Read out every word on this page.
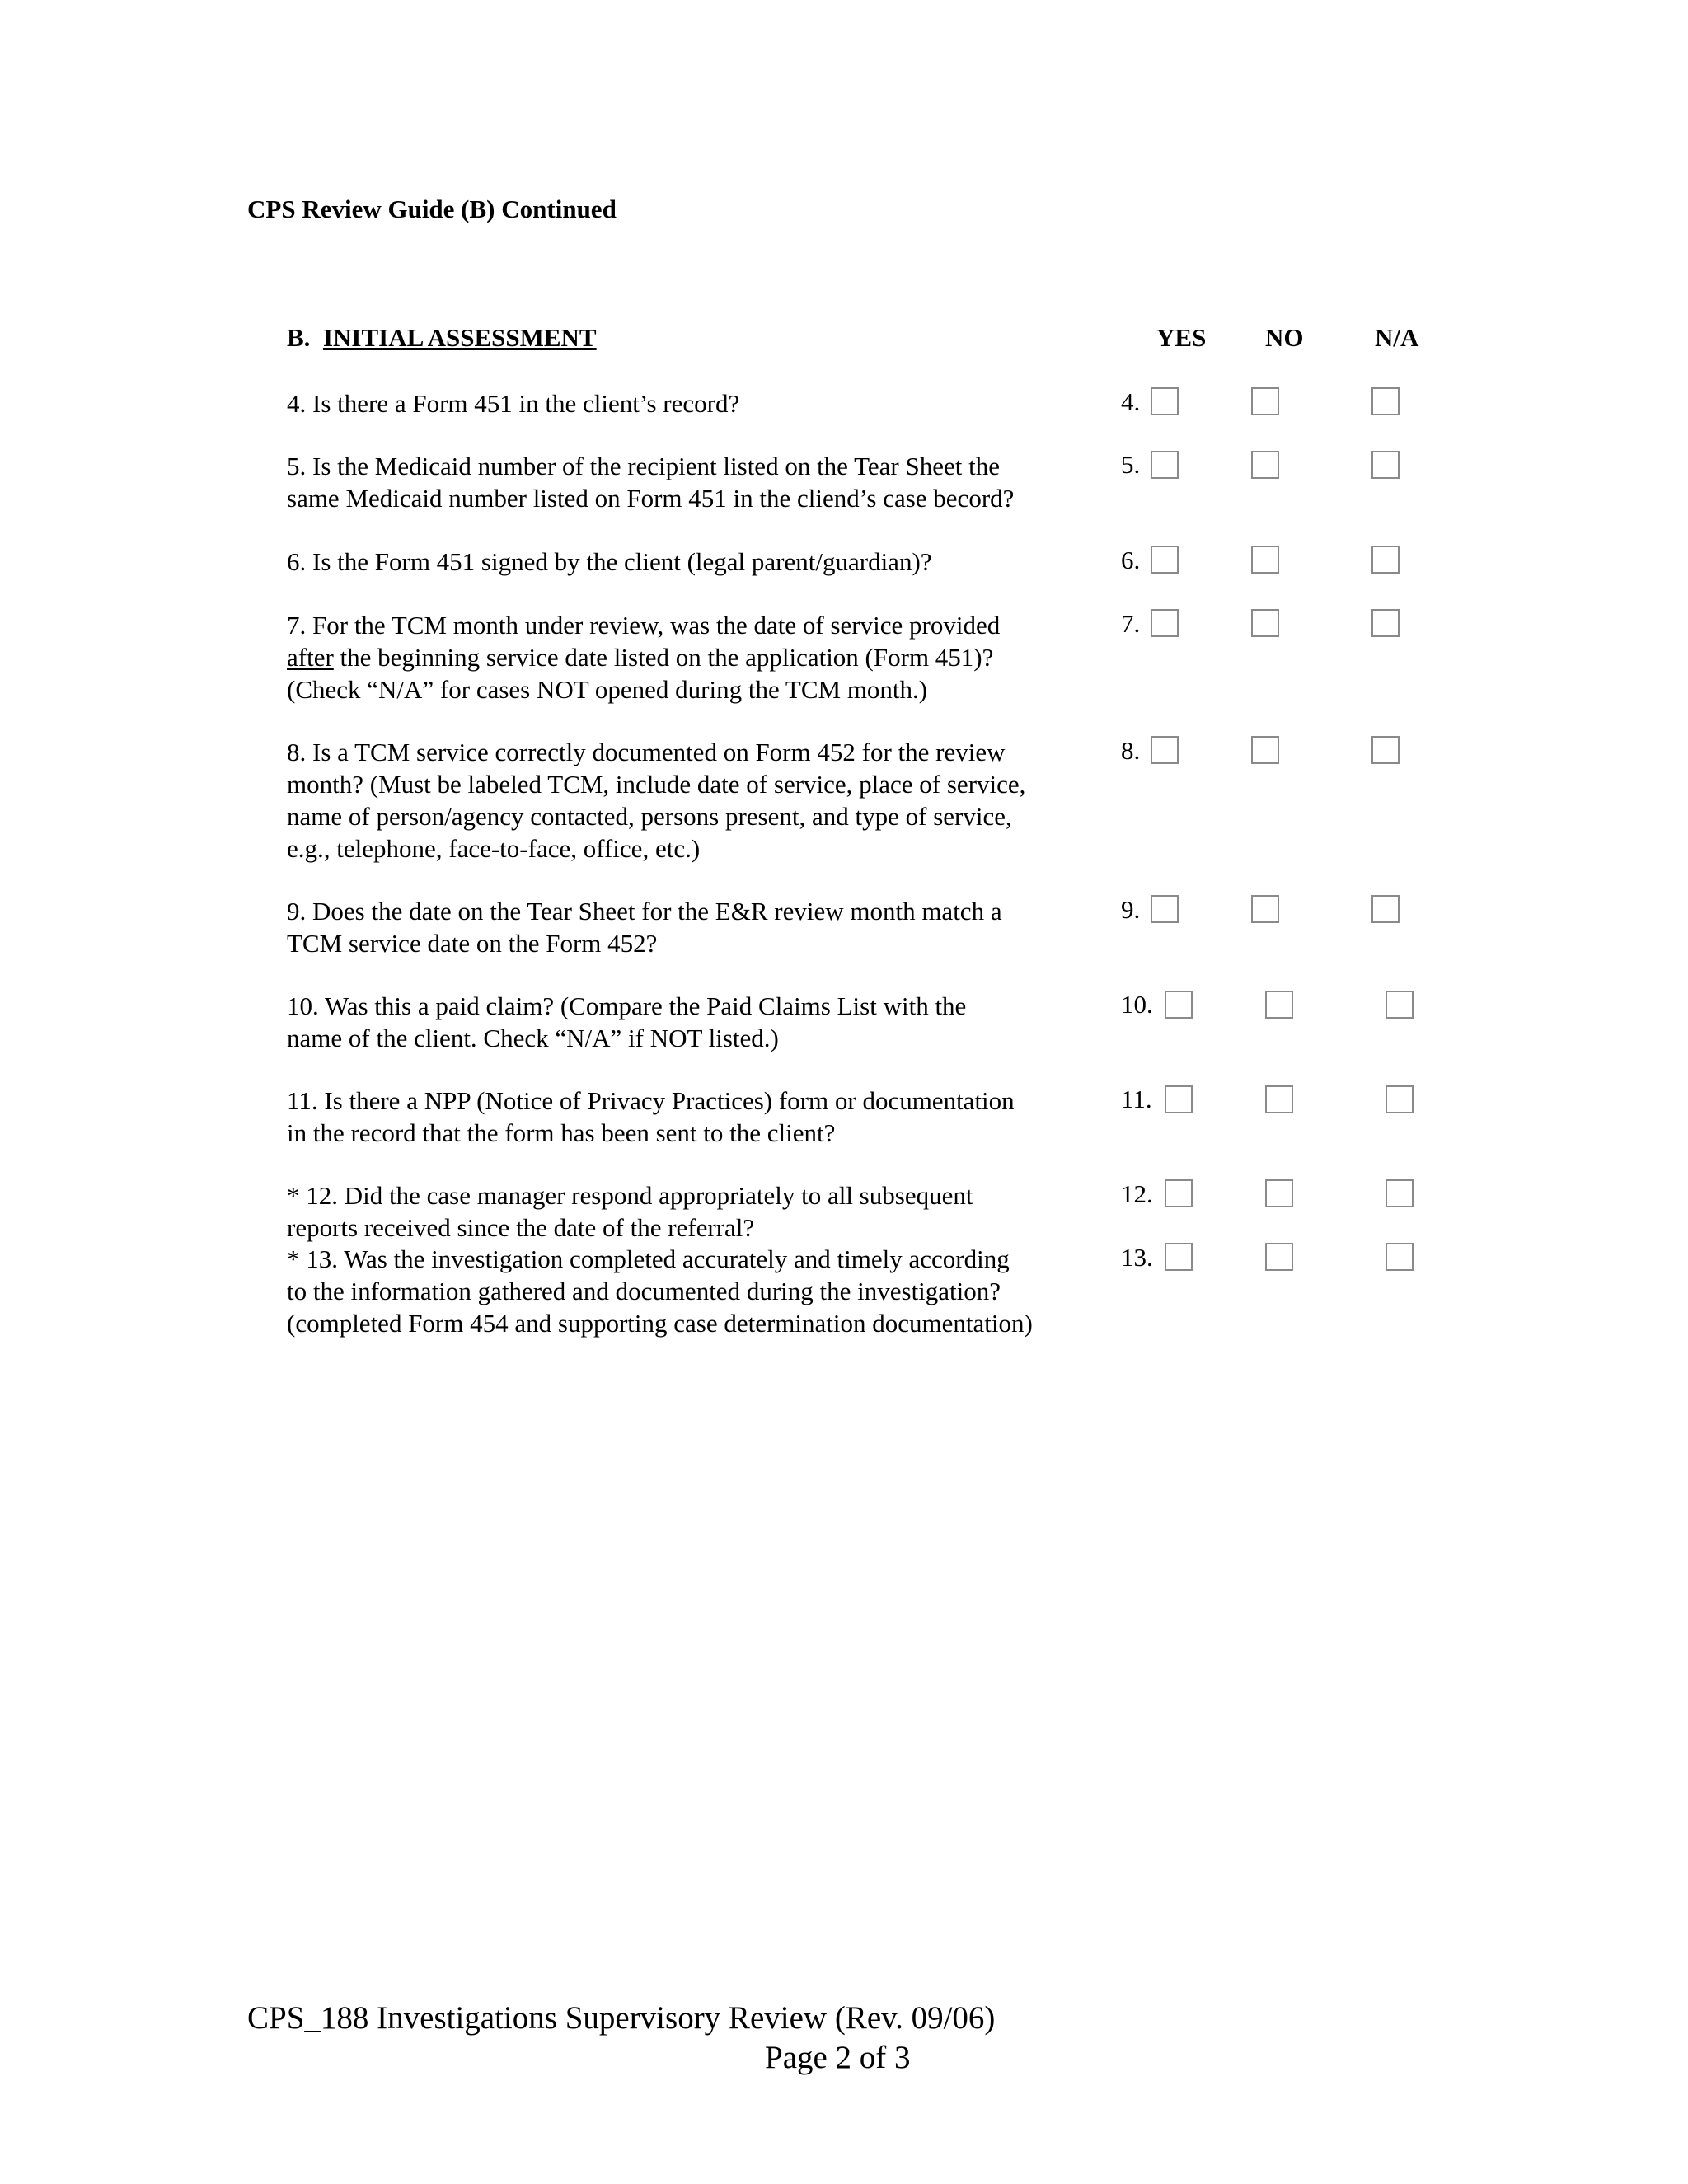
CPS Review Guide (B) Continued
B. INITIAL ASSESSMENT	YES NO	N/A
4. Is there a Form 451 in the client’s record?	4.
5. Is the Medicaid number of the recipient listed on the Tear Sheet the
same Medicaid number listed on Form 451 in the cliend’s case becord?
5.
6. Is the Form 451 signed by the client (legal parent/guardian)?	6.
7. For the TCM month under review, was the date of service provided
after the beginning service date listed on the application (Form 451)?
(Check “N/A” for cases NOT opened during the TCM month.)
7.
8. Is a TCM service correctly documented on Form 452 for the review
month? (Must be labeled TCM, include date of service, place of service,
name of person/agency contacted, persons present, and type of service,
e.g., telephone, face-to-face, office, etc.)
8.
9. Does the date on the Tear Sheet for the E&R review month match a
TCM service date on the Form 452?
9.
10. Was this a paid claim? (Compare the Paid Claims List with the
name of the client. Check “N/A” if NOT listed.)
10.
11. Is there a NPP (Notice of Privacy Practices) form or documentation
in the record that the form has been sent to the client?
11.
* 12. Did the case manager respond appropriately to all subsequent
reports received since the date of the referral?
12.
* 13. Was the investigation completed accurately and timely according
to the information gathered and documented during the investigation?
(completed Form 454 and supporting case determination documentation)
13.
CPS_188 Investigations Supervisory Review (Rev. 09/06)
Page 2 of 3
